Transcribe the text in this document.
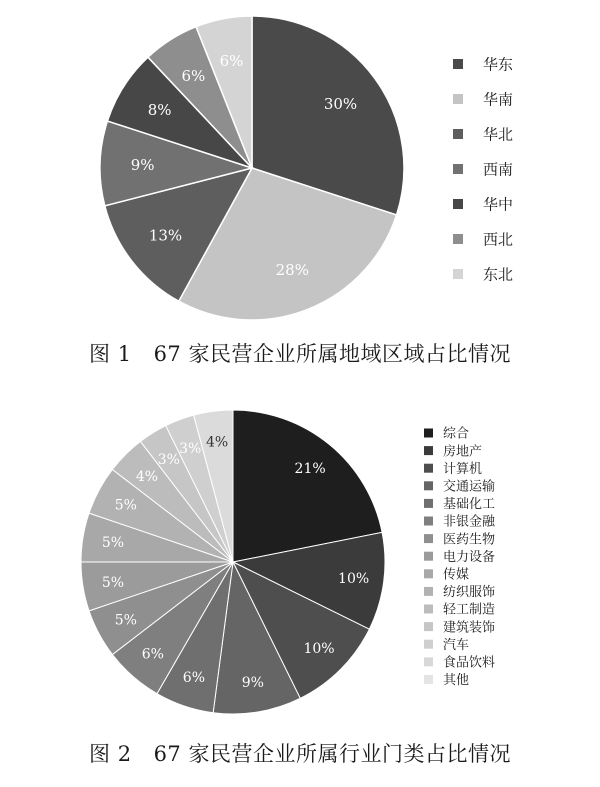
30%
28%
13%
9%
8%
6%
6%	华东
华南
华北
西南
华中
西北
东北
图 1 67 家民营企业所属地域区域占比情况
21%
10%
10%
9%
6%
6%
5%
5%
5%
5%
4%
3%
3% 4%
综合
房地产
计算机
交通运输
基础化工
非银金融
医药生物
电力设备
传媒
纺织服饰
轻工制造
建筑装饰
汽车
食品饮料
其他
图 2 67 家民营企业所属行业门类占比情况
